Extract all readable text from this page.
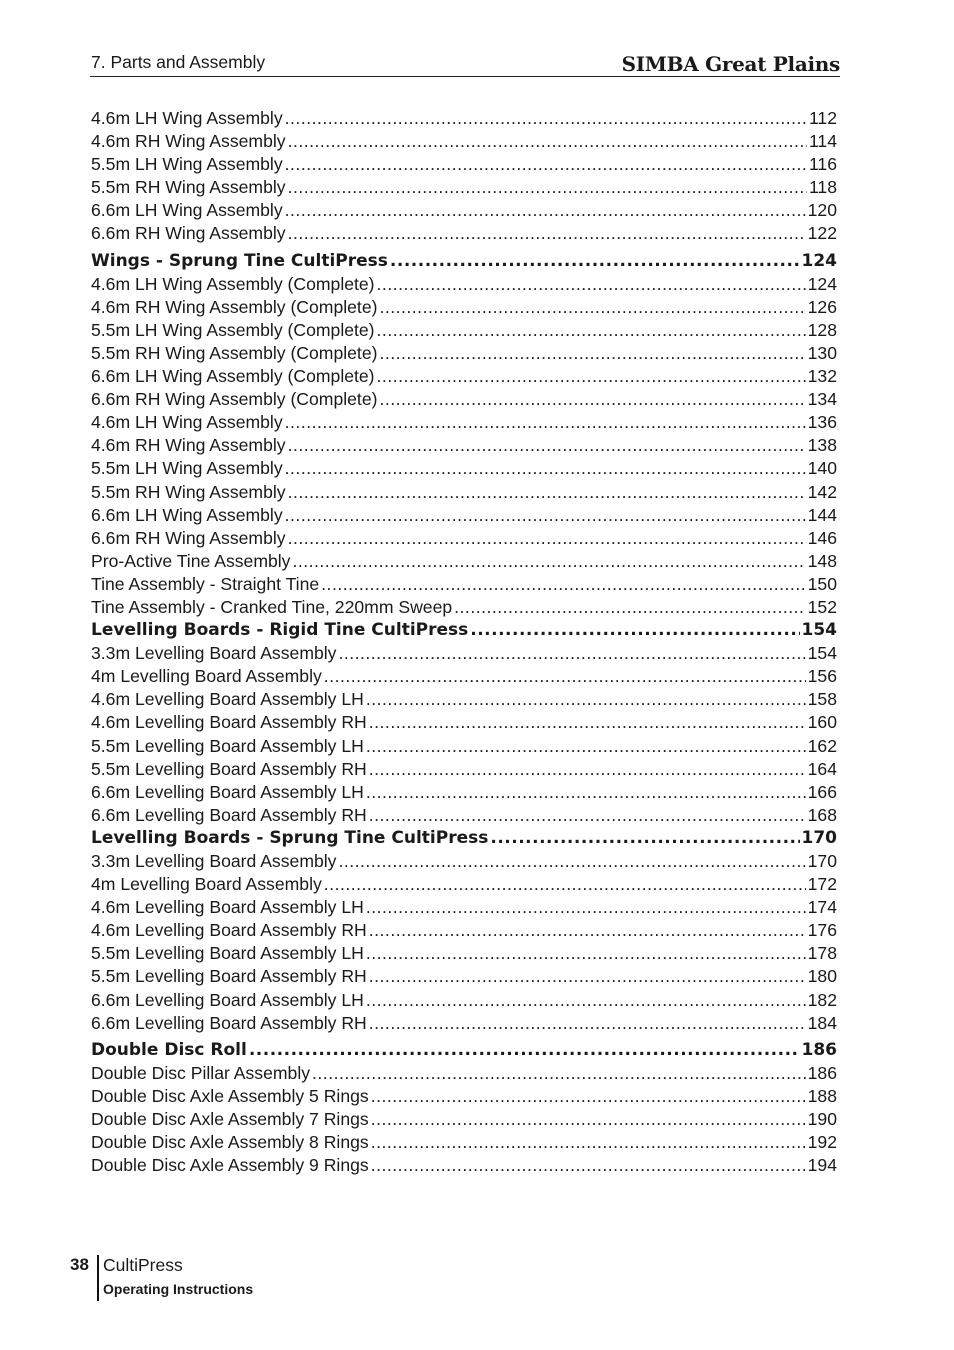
7. Parts and Assembly	SIMBA Great Plains
4.6m LH Wing Assembly .....	112
4.6m RH Wing Assembly .....	114
5.5m LH Wing Assembly .....	116
5.5m RH Wing Assembly .....	118
6.6m LH Wing Assembly .....	120
6.6m RH Wing Assembly .....	122
Wings - Sprung Tine CultiPress .....	124
4.6m LH Wing Assembly (Complete) .....	124
4.6m RH Wing Assembly (Complete) .....	126
5.5m LH Wing Assembly (Complete) .....	128
5.5m RH Wing Assembly (Complete) .....	130
6.6m LH Wing Assembly (Complete) .....	132
6.6m RH Wing Assembly (Complete) .....	134
4.6m LH Wing Assembly .....	136
4.6m RH Wing Assembly .....	138
5.5m LH Wing Assembly .....	140
5.5m RH Wing Assembly .....	142
6.6m LH Wing Assembly .....	144
6.6m RH Wing Assembly .....	146
Pro-Active Tine Assembly .....	148
Tine Assembly - Straight Tine .....	150
Tine Assembly - Cranked Tine, 220mm Sweep .....	152
Levelling Boards - Rigid Tine CultiPress .....	154
3.3m Levelling Board Assembly .....	154
4m Levelling Board Assembly .....	156
4.6m Levelling Board Assembly LH .....	158
4.6m Levelling Board Assembly RH .....	160
5.5m Levelling Board Assembly LH .....	162
5.5m Levelling Board Assembly RH .....	164
6.6m Levelling Board Assembly LH .....	166
6.6m Levelling Board Assembly RH .....	168
Levelling Boards - Sprung Tine CultiPress .....	170
3.3m Levelling Board Assembly .....	170
4m Levelling Board Assembly .....	172
4.6m Levelling Board Assembly LH .....	174
4.6m Levelling Board Assembly RH .....	176
5.5m Levelling Board Assembly LH .....	178
5.5m Levelling Board Assembly RH .....	180
6.6m Levelling Board Assembly LH .....	182
6.6m Levelling Board Assembly RH .....	184
Double Disc Roll .....	186
Double Disc Pillar Assembly .....	186
Double Disc Axle Assembly 5 Rings .....	188
Double Disc Axle Assembly 7 Rings .....	190
Double Disc Axle Assembly 8 Rings .....	192
Double Disc Axle Assembly 9 Rings .....	194
38 CultiPress
Operating Instructions
